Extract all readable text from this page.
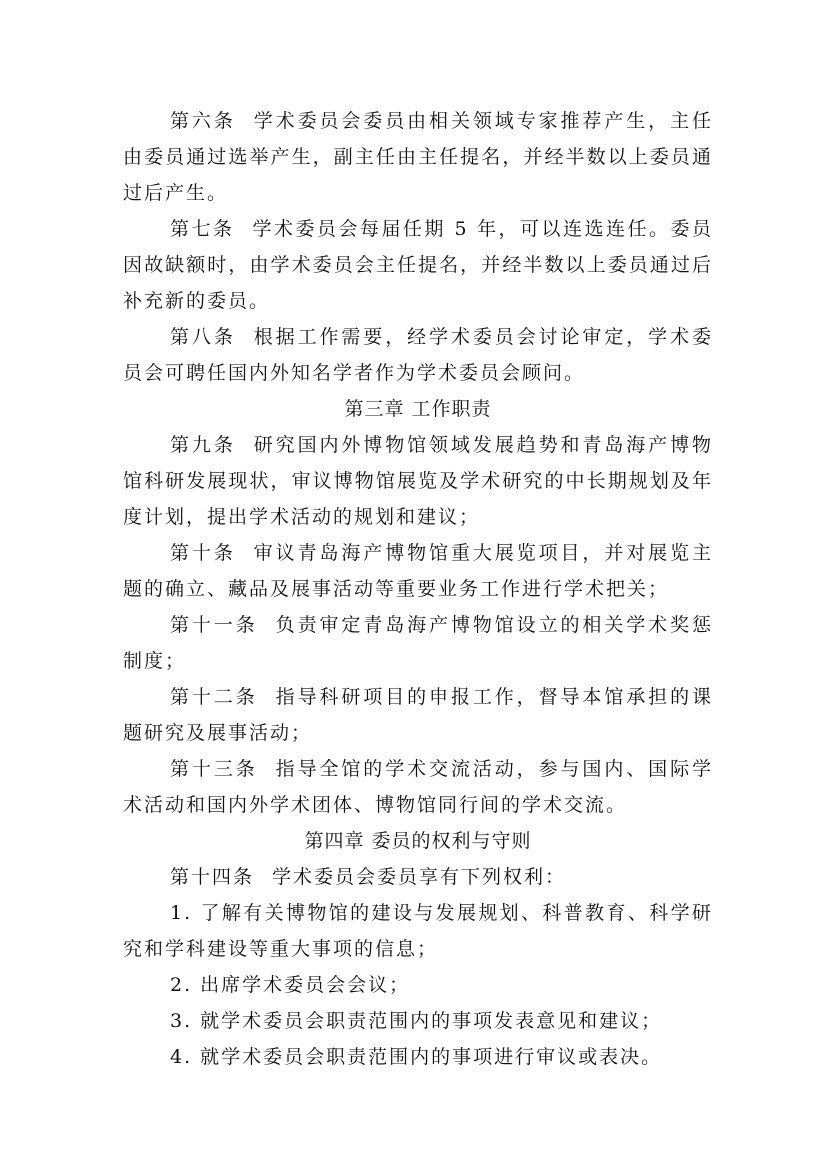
第六条 学术委员会委员由相关领域专家推荐产生，主任由委员通过选举产生，副主任由主任提名，并经半数以上委员通过后产生。

第七条 学术委员会每届任期 5 年，可以连选连任。委员因故缺额时，由学术委员会主任提名，并经半数以上委员通过后补充新的委员。

第八条 根据工作需要，经学术委员会讨论审定，学术委员会可聘任国内外知名学者作为学术委员会顾问。

第三章 工作职责

第九条 研究国内外博物馆领域发展趋势和青岛海产博物馆科研发展现状，审议博物馆展览及学术研究的中长期规划及年度计划，提出学术活动的规划和建议；

第十条 审议青岛海产博物馆重大展览项目，并对展览主题的确立、藏品及展事活动等重要业务工作进行学术把关；

第十一条 负责审定青岛海产博物馆设立的相关学术奖惩制度；

第十二条 指导科研项目的申报工作，督导本馆承担的课题研究及展事活动；

第十三条 指导全馆的学术交流活动，参与国内、国际学术活动和国内外学术团体、博物馆同行间的学术交流。

第四章 委员的权利与守则

第十四条 学术委员会委员享有下列权利：

1. 了解有关博物馆的建设与发展规划、科普教育、科学研究和学科建设等重大事项的信息；

2. 出席学术委员会会议；

3. 就学术委员会职责范围内的事项发表意见和建议；

4. 就学术委员会职责范围内的事项进行审议或表决。
